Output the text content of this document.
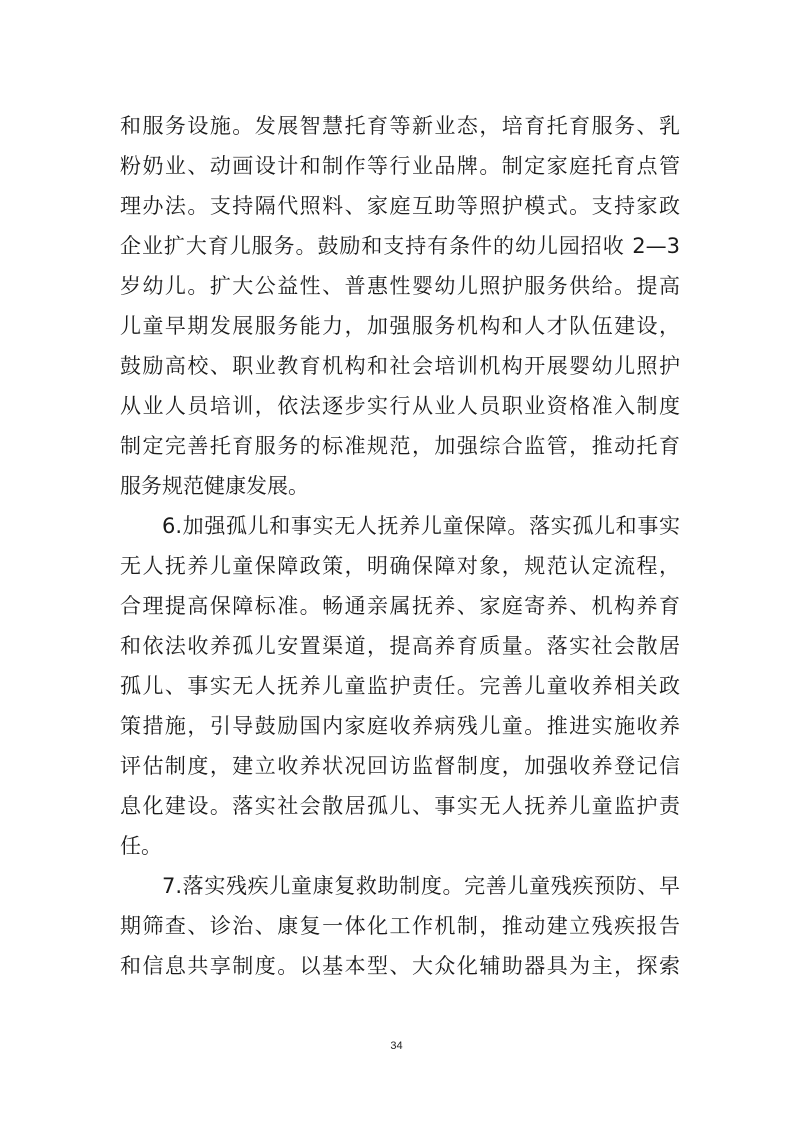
和服务设施。发展智慧托育等新业态，培育托育服务、乳
粉奶业、动画设计和制作等行业品牌。制定家庭托育点管
理办法。支持隔代照料、家庭互助等照护模式。支持家政
企业扩大育儿服务。鼓励和支持有条件的幼儿园招收 2—3
岁幼儿。扩大公益性、普惠性婴幼儿照护服务供给。提高
儿童早期发展服务能力，加强服务机构和人才队伍建设，
鼓励高校、职业教育机构和社会培训机构开展婴幼儿照护
从业人员培训，依法逐步实行从业人员职业资格准入制度
制定完善托育服务的标准规范，加强综合监管，推动托育
服务规范健康发展。
6.加强孤儿和事实无人抚养儿童保障。落实孤儿和事实
无人抚养儿童保障政策，明确保障对象，规范认定流程，
合理提高保障标准。畅通亲属抚养、家庭寄养、机构养育
和依法收养孤儿安置渠道，提高养育质量。落实社会散居
孤儿、事实无人抚养儿童监护责任。完善儿童收养相关政
策措施，引导鼓励国内家庭收养病残儿童。推进实施收养
评估制度，建立收养状况回访监督制度，加强收养登记信
息化建设。落实社会散居孤儿、事实无人抚养儿童监护责
任。
7.落实残疾儿童康复救助制度。完善儿童残疾预防、早
期筛查、诊治、康复一体化工作机制，推动建立残疾报告
和信息共享制度。以基本型、大众化辅助器具为主，探索
34
